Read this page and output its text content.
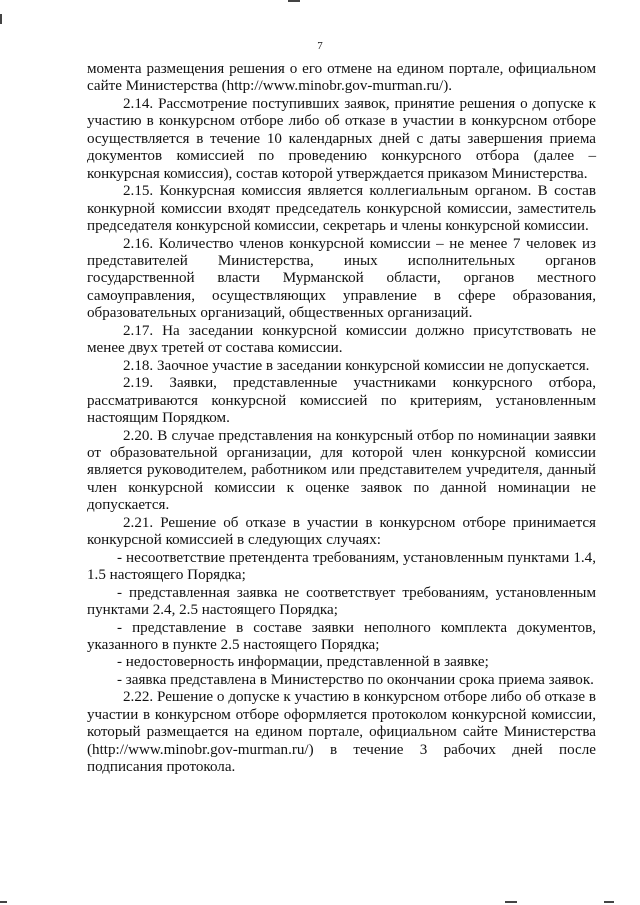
7

момента размещения решения о его отмене на едином портале, официальном сайте Министерства (http://www.minobr.gov-murman.ru/).

2.14. Рассмотрение поступивших заявок, принятие решения о допуске к участию в конкурсном отборе либо об отказе в участии в конкурсном отборе осуществляется в течение 10 календарных дней с даты завершения приема документов комиссией по проведению конкурсного отбора (далее – конкурсная комиссия), состав которой утверждается приказом Министерства.

2.15. Конкурсная комиссия является коллегиальным органом. В состав конкурной комиссии входят председатель конкурсной комиссии, заместитель председателя конкурсной комиссии, секретарь и члены конкурсной комиссии.

2.16. Количество членов конкурсной комиссии – не менее 7 человек из представителей Министерства, иных исполнительных органов государственной власти Мурманской области, органов местного самоуправления, осуществляющих управление в сфере образования, образовательных организаций, общественных организаций.

2.17. На заседании конкурсной комиссии должно присутствовать не менее двух третей от состава комиссии.

2.18. Заочное участие в заседании конкурсной комиссии не допускается.

2.19. Заявки, представленные участниками конкурсного отбора, рассматриваются конкурсной комиссией по критериям, установленным настоящим Порядком.

2.20. В случае представления на конкурсный отбор по номинации заявки от образовательной организации, для которой член конкурсной комиссии является руководителем, работником или представителем учредителя, данный член конкурсной комиссии к оценке заявок по данной номинации не допускается.

2.21. Решение об отказе в участии в конкурсном отборе принимается конкурсной комиссией в следующих случаях:

- несоответствие претендента требованиям, установленным пунктами 1.4, 1.5 настоящего Порядка;

- представленная заявка не соответствует требованиям, установленным пунктами 2.4, 2.5 настоящего Порядка;

- представление в составе заявки неполного комплекта документов, указанного в пункте 2.5 настоящего Порядка;

- недостоверность информации, представленной в заявке;

- заявка представлена в Министерство по окончании срока приема заявок.

2.22. Решение о допуске к участию в конкурсном отборе либо об отказе в участии в конкурсном отборе оформляется протоколом конкурсной комиссии, который размещается на едином портале, официальном сайте Министерства (http://www.minobr.gov-murman.ru/) в течение 3 рабочих дней после подписания протокола.
